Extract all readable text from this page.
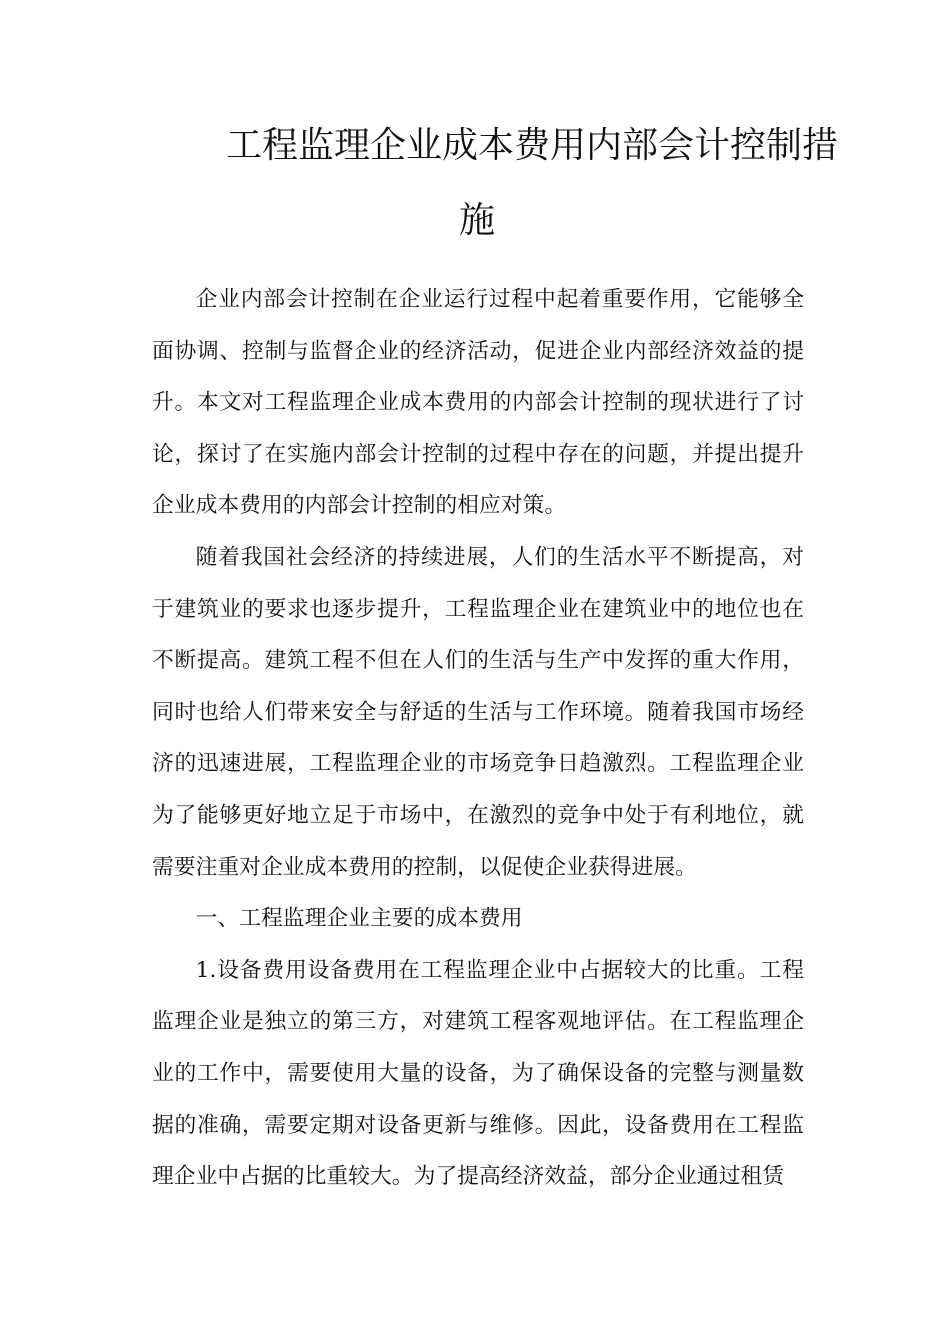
工程监理企业成本费用内部会计控制措
施

企业内部会计控制在企业运行过程中起着重要作用，它能够全面协调、控制与监督企业的经济活动，促进企业内部经济效益的提升。本文对工程监理企业成本费用的内部会计控制的现状进行了讨论，探讨了在实施内部会计控制的过程中存在的问题，并提出提升企业成本费用的内部会计控制的相应对策。

随着我国社会经济的持续进展，人们的生活水平不断提高，对于建筑业的要求也逐步提升，工程监理企业在建筑业中的地位也在不断提高。建筑工程不但在人们的生活与生产中发挥的重大作用，同时也给人们带来安全与舒适的生活与工作环境。随着我国市场经济的迅速进展，工程监理企业的市场竞争日趋激烈。工程监理企业为了能够更好地立足于市场中，在激烈的竞争中处于有利地位，就需要注重对企业成本费用的控制，以促使企业获得进展。

一、工程监理企业主要的成本费用

1.设备费用设备费用在工程监理企业中占据较大的比重。工程监理企业是独立的第三方，对建筑工程客观地评估。在工程监理企业的工作中，需要使用大量的设备，为了确保设备的完整与测量数据的准确，需要定期对设备更新与维修。因此，设备费用在工程监理企业中占据的比重较大。为了提高经济效益，部分企业通过租赁
